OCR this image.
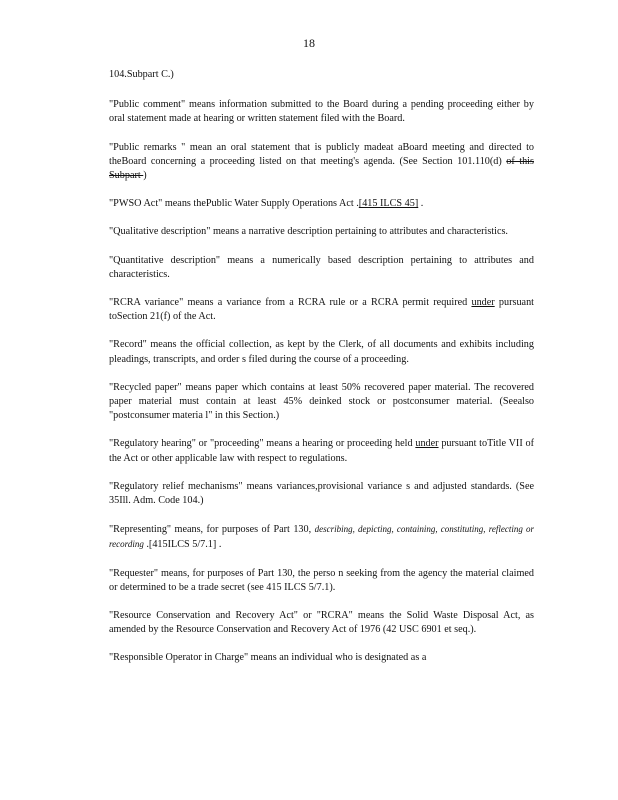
18

104.Subpart C.)

"Public comment" means information submitted to the Board during a pending proceeding either by oral statement made at hearing or written statement filed with the Board.

"Public remarks " mean an oral statement that is publicly madeat aBoard meeting and directed to theBoard concerning a proceeding listed on that meeting's agenda. (See Section 101.110(d) of this Subpart )

"PWSO Act" means thePublic Water Supply Operations Act .[415 ILCS 45] .

"Qualitative description" means a narrative description pertaining to attributes and characteristics.

"Quantitative description" means a numerically based description pertaining to attributes and characteristics.

"RCRA variance" means a variance from a RCRA rule or a RCRA permit required under pursuant toSection 21(f) of the Act.

"Record" means the official collection, as kept by the Clerk, of all documents and exhibits including pleadings, transcripts, and order s filed during the course of a proceeding.

"Recycled paper" means paper which contains at least 50% recovered paper material. The recovered paper material must contain at least 45% deinked stock or postconsumer material. (Seealso "postconsumer materia l" in this Section.)

"Regulatory hearing" or "proceeding" means a hearing or proceeding held under pursuant toTitle VII of the Act or other applicable law with respect to regulations.

"Regulatory relief mechanisms" means variances,provisional variance s and adjusted standards. (See 35Ill. Adm. Code 104.)

"Representing" means, for purposes of Part 130, describing, depicting, containing, constituting, reflecting or recording .[415ILCS 5/7.1] .

"Requester" means, for purposes of Part 130, the perso n seeking from the agency the material claimed or determined to be a trade secret (see 415 ILCS 5/7.1).

"Resource Conservation and Recovery Act" or "RCRA" means the Solid Waste Disposal Act, as amended by the Resource Conservation and Recovery Act of 1976 (42 USC 6901 et seq.).

"Responsible Operator in Charge" means an individual who is designated as a
